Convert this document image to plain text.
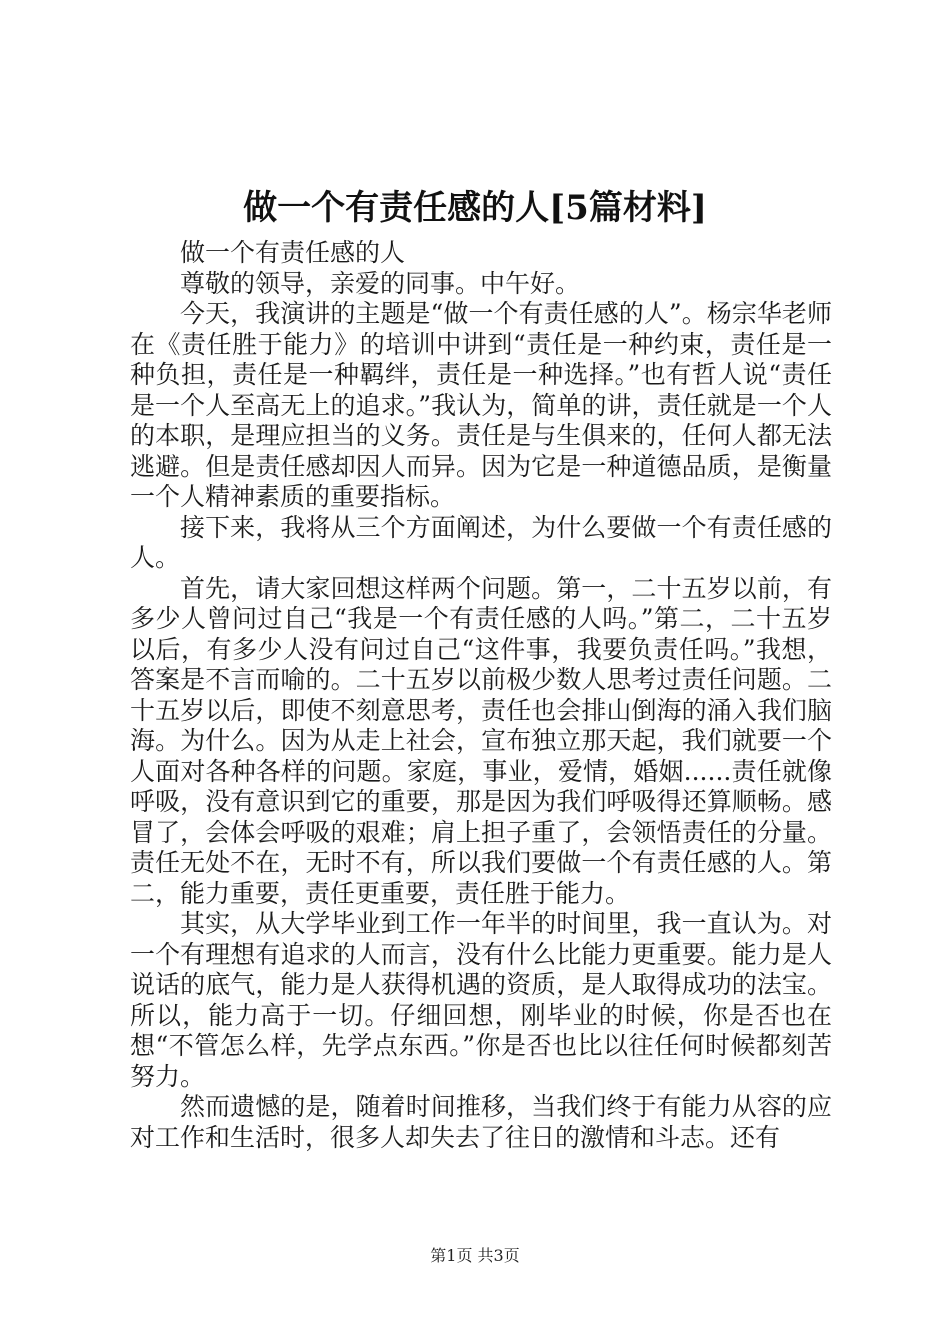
做一个有责任感的人[5篇材料]

做一个有责任感的人

尊敬的领导，亲爱的同事。中午好。

今天，我演讲的主题是“做一个有责任感的人”。杨宗华老师在《责任胜于能力》的培训中讲到“责任是一种约束，责任是一种负担，责任是一种羁绊，责任是一种选择。”也有哲人说“责任是一个人至高无上的追求。”我认为，简单的讲，责任就是一个人的本职，是理应担当的义务。责任是与生俱来的，任何人都无法逃避。但是责任感却因人而异。因为它是一种道德品质，是衡量一个人精神素质的重要指标。

接下来，我将从三个方面阐述，为什么要做一个有责任感的人。

首先，请大家回想这样两个问题。第一，二十五岁以前，有多少人曾问过自己“我是一个有责任感的人吗。”第二，二十五岁以后，有多少人没有问过自己“这件事，我要负责任吗。”我想，答案是不言而喻的。二十五岁以前极少数人思考过责任问题。二十五岁以后，即使不刻意思考，责任也会排山倒海的涌入我们脑海。为什么。因为从走上社会，宣布独立那天起，我们就要一个人面对各种各样的问题。家庭，事业，爱情，婚姻......责任就像呼吸，没有意识到它的重要，那是因为我们呼吸得还算顺畅。感冒了，会体会呼吸的艰难；肩上担子重了，会领悟责任的分量。责任无处不在，无时不有，所以我们要做一个有责任感的人。第二，能力重要，责任更重要，责任胜于能力。

其实，从大学毕业到工作一年半的时间里，我一直认为。对一个有理想有追求的人而言，没有什么比能力更重要。能力是人说话的底气，能力是人获得机遇的资质，是人取得成功的法宝。所以，能力高于一切。仔细回想，刚毕业的时候，你是否也在想“不管怎么样，先学点东西。”你是否也比以往任何时候都刻苦努力。

然而遗憾的是，随着时间推移，当我们终于有能力从容的应对工作和生活时，很多人却失去了往日的激情和斗志。还有

第1页 共3页
